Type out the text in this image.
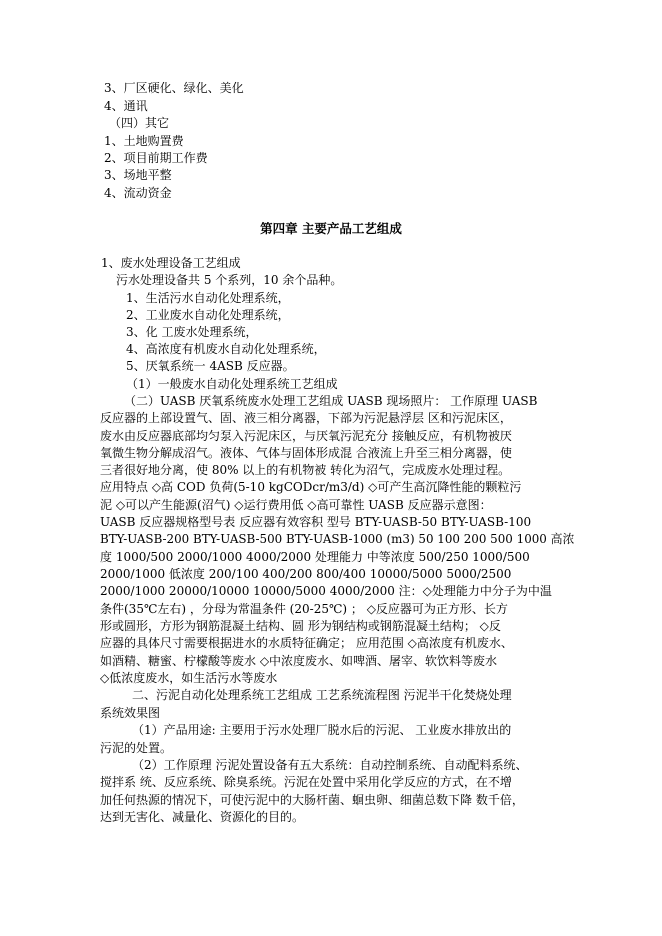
3、厂区硬化、绿化、美化
4、通讯
（四）其它
1、土地购置费
2、项目前期工作费
3、场地平整
4、流动资金
第四章 主要产品工艺组成
1、废水处理设备工艺组成
污水处理设备共 5 个系列，10 余个品种。
1、生活污水自动化处理系统，
2、工业废水自动化处理系统，
3、化 工废水处理系统，
4、高浓度有机废水自动化处理系统，
5、厌氧系统一 4ASB 反应器。
（1）一般废水自动化处理系统工艺组成
（二）UASB 厌氧系统废水处理工艺组成 UASB 现场照片： 工作原理 UASB
反应器的上部设置气、固、液三相分离器，下部为污泥悬浮层 区和污泥床区，
废水由反应器底部均匀泵入污泥床区，与厌氧污泥充分 接触反应，有机物被厌
氧微生物分解成沼气。液体、气体与固体形成混 合液流上升至三相分离器，使
三者很好地分离，使 80% 以上的有机物被 转化为沼气，完成废水处理过程。
应用特点 ◇高 COD 负荷(5-10 kgCODcr/m3/d) ◇可产生高沉降性能的颗粒污
泥 ◇可以产生能源(沼气) ◇运行费用低 ◇高可靠性 UASB 反应器示意图：
UASB 反应器规格型号表 反应器有效容积 型号 BTY-UASB-50 BTY-UASB-100
BTY-UASB-200 BTY-UASB-500 BTY-UASB-1000 (m3) 50 100 200 500 1000 高浓
度 1000/500 2000/1000 4000/2000 处理能力 中等浓度 500/250 1000/500
2000/1000 低浓度 200/100 400/200 800/400 10000/5000 5000/2500
2000/1000 20000/10000 10000/5000 4000/2000 注：◇处理能力中分子为中温
条件(35℃左右) ，分母为常温条件 (20-25℃) ； ◇反应器可为正方形、长方
形或圆形，方形为钢筋混凝土结构、圆 形为钢结构或钢筋混凝土结构； ◇反
应器的具体尺寸需要根据进水的水质特征确定； 应用范围 ◇高浓度有机废水、
如酒精、糖蜜、柠檬酸等废水 ◇中浓度废水、如啤酒、屠宰、软饮料等废水
◇低浓度废水，如生活污水等废水
二、污泥自动化处理系统工艺组成 工艺系统流程图 污泥半干化焚烧处理
系统效果图
（1）产品用途: 主要用于污水处理厂脱水后的污泥、 工业废水排放出的
污泥的处置。
（2）工作原理 污泥处置设备有五大系统：自动控制系统、自动配料系统、
搅拌系 统、反应系统、除臭系统。污泥在处置中采用化学反应的方式，在不增
加任何热源的情况下，可使污泥中的大肠杆菌、蛔虫卵、细菌总数下降 数千倍，
达到无害化、减量化、资源化的目的。
